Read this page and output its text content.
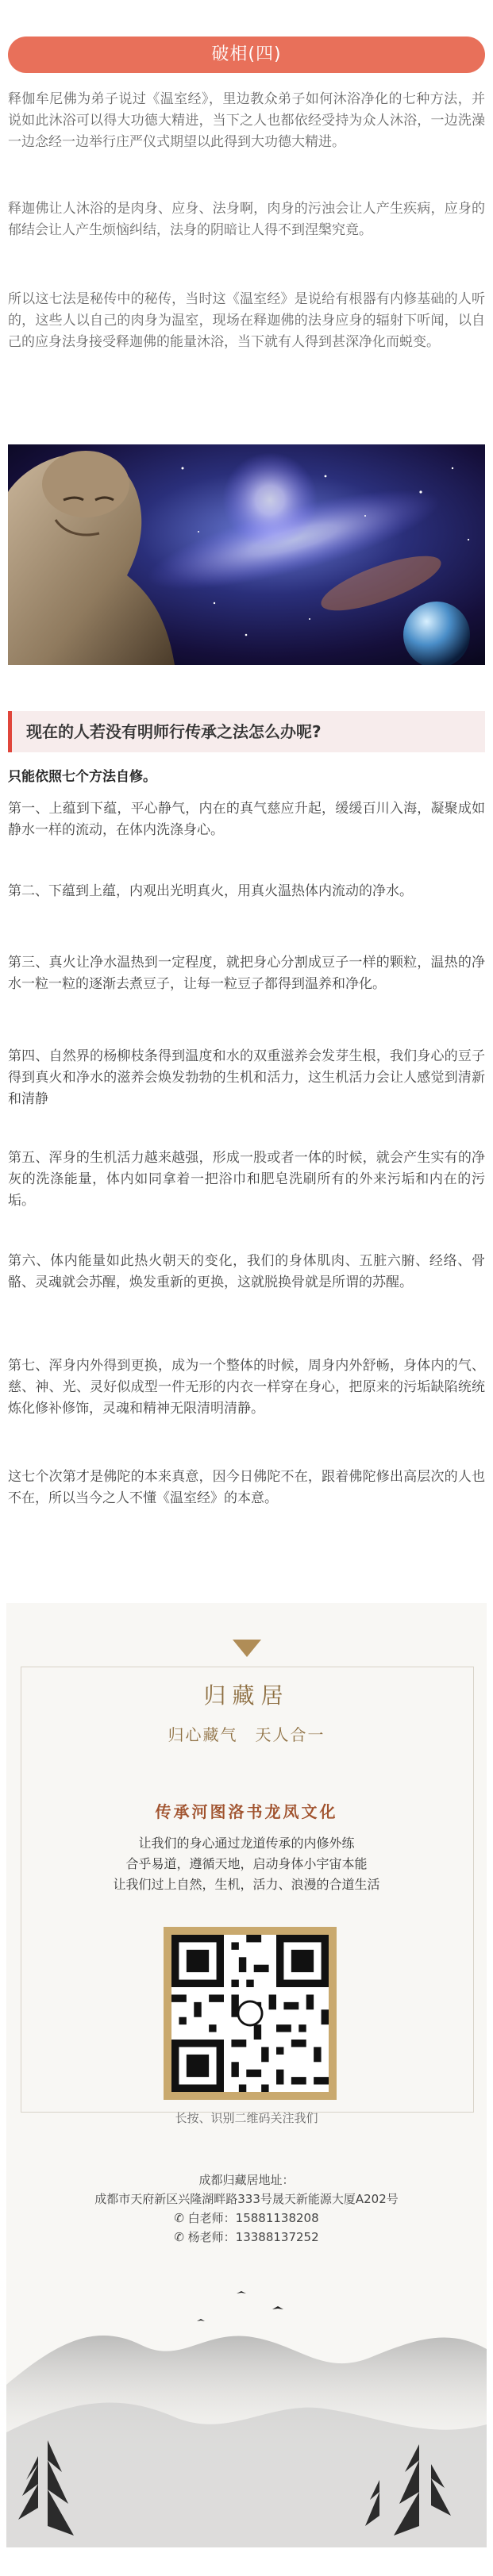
破相(四)

释伽牟尼佛为弟子说过《温室经》，里边教众弟子如何沐浴净化的七种方法，并说如此沐浴可以得大功德大精进，当下之人也都依经受持为众人沐浴，一边洗澡一边念经一边举行庄严仪式期望以此得到大功德大精进。

释迦佛让人沐浴的是肉身、应身、法身啊，肉身的污浊会让人产生疾病，应身的郁结会让人产生烦恼纠结，法身的阴暗让人得不到涅槃究竟。

所以这七法是秘传中的秘传，当时这《温室经》是说给有根器有内修基础的人听的，这些人以自己的肉身为温室，现场在释迦佛的法身应身的辐射下听闻，以自己的应身法身接受释迦佛的能量沐浴，当下就有人得到甚深净化而蜕变。

现在的人若没有明师行传承之法怎么办呢?
只能依照七个方法自修。

第一、上蕴到下蕴，平心静气，内在的真气慈应升起，缓缓百川入海，凝聚成如静水一样的流动，在体内洗涤身心。

第二、下蕴到上蕴，内观出光明真火，用真火温热体内流动的净水。

第三、真火让净水温热到一定程度，就把身心分割成豆子一样的颗粒，温热的净水一粒一粒的逐渐去煮豆子，让每一粒豆子都得到温养和净化。

第四、自然界的杨柳枝条得到温度和水的双重滋养会发芽生根，我们身心的豆子得到真火和净水的滋养会焕发勃勃的生机和活力，这生机活力会让人感觉到清新和清静

第五、浑身的生机活力越来越强，形成一股或者一体的时候，就会产生实有的净灰的洗涤能量，体内如同拿着一把浴巾和肥皂洗刷所有的外来污垢和内在的污垢。

第六、体内能量如此热火朝天的变化，我们的身体肌肉、五脏六腑、经络、骨骼、灵魂就会苏醒，焕发重新的更换，这就脱换骨就是所谓的苏醒。

第七、浑身内外得到更换，成为一个整体的时候，周身内外舒畅，身体内的气、慈、神、光、灵好似成型一件无形的内衣一样穿在身心，把原来的污垢缺陷统统炼化修补修饰，灵魂和精神无限清明清静。

这七个次第才是佛陀的本来真意，因今日佛陀不在，跟着佛陀修出高层次的人也不在，所以当今之人不懂《温室经》的本意。

归藏居
归心藏气　天人合一
传承河图洛书龙凤文化
让我们的身心通过龙道传承的内修外练
合乎易道，遵循天地，启动身体小宇宙本能
让我们过上自然，生机，活力、浪漫的合道生活
长按、识别二维码关注我们
成都归藏居地址：
成都市天府新区兴隆湖畔路333号晟天新能源大厦A202号
✆ 白老师：15881138208
✆ 杨老师：13388137252
